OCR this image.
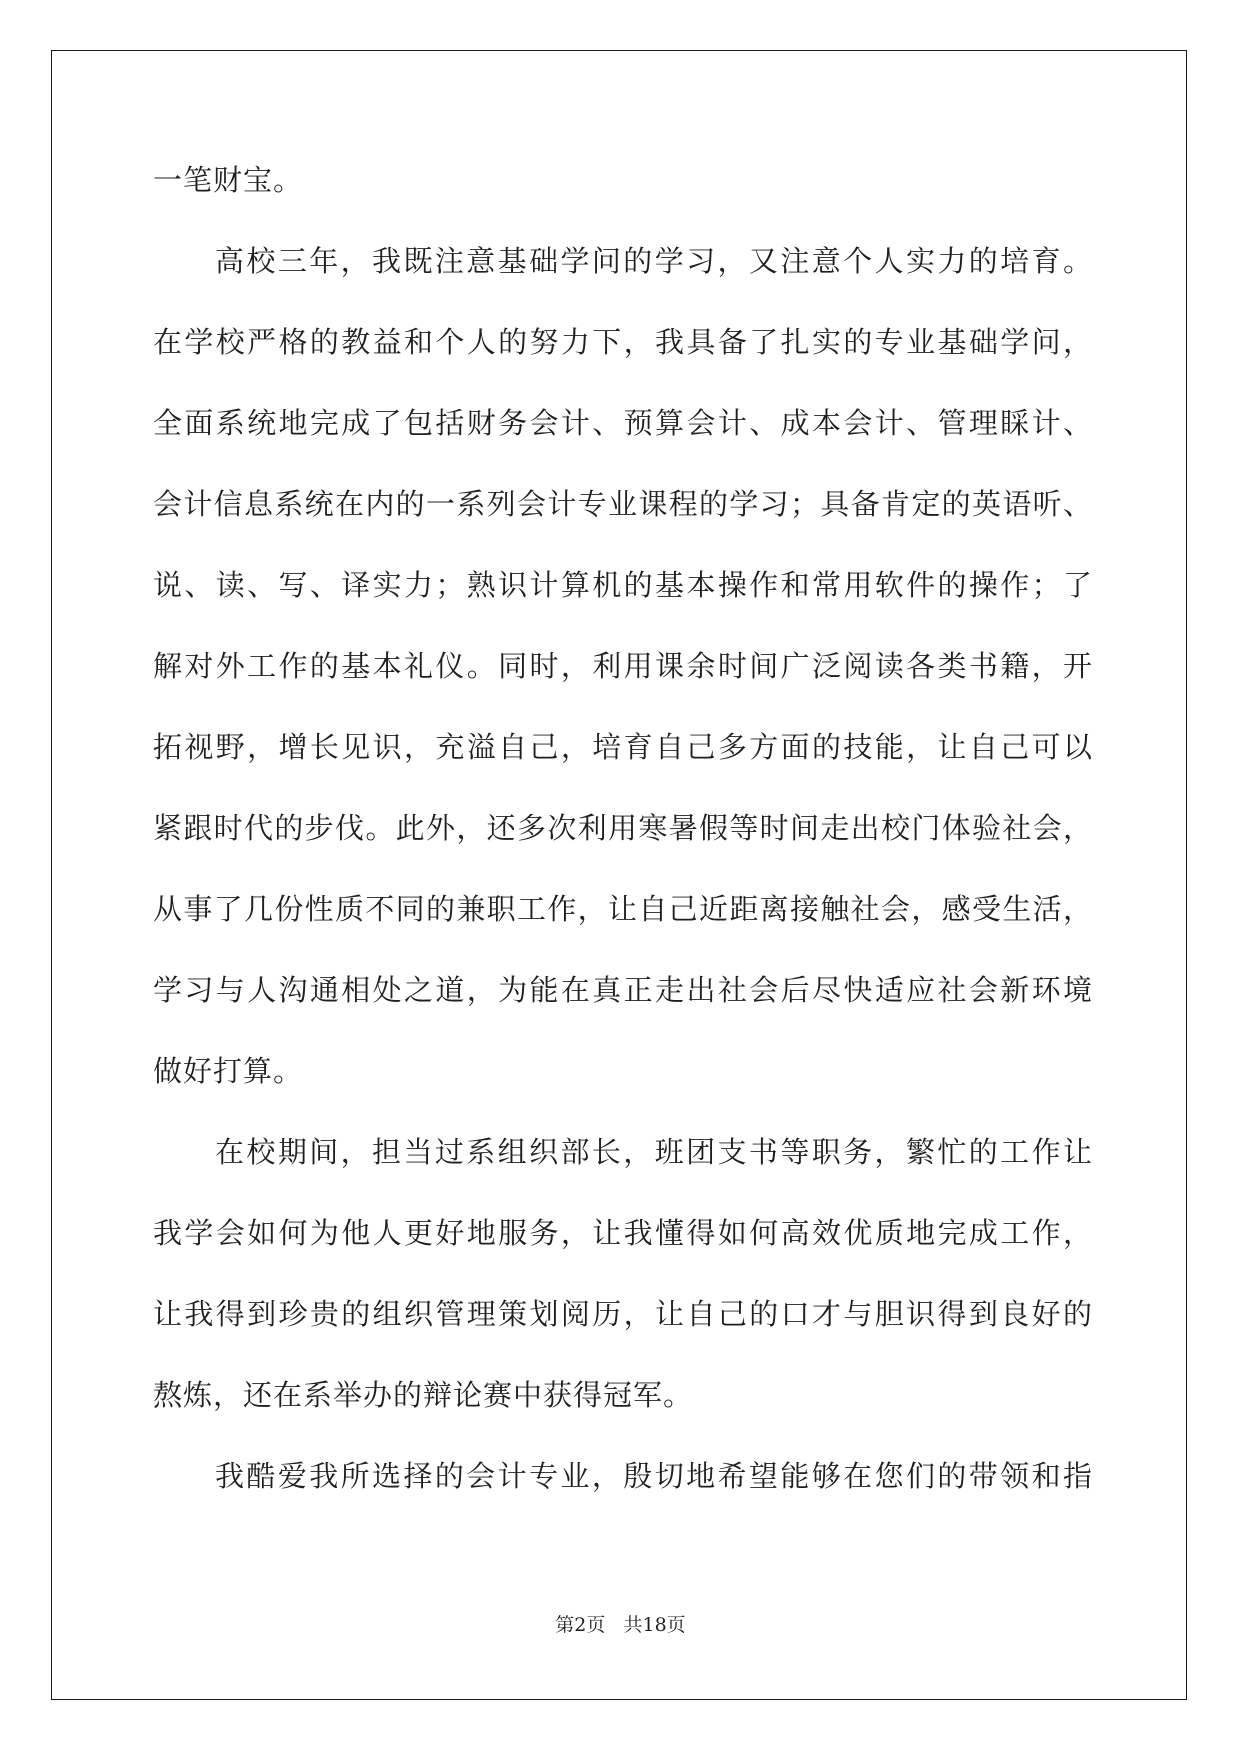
一笔财宝。
高校三年，我既注意基础学问的学习，又注意个人实力的培育。
在学校严格的教益和个人的努力下，我具备了扎实的专业基础学问，
全面系统地完成了包括财务会计、预算会计、成本会计、管理睬计、
会计信息系统在内的一系列会计专业课程的学习；具备肯定的英语听、
说、读、写、译实力；熟识计算机的基本操作和常用软件的操作；了
解对外工作的基本礼仪。同时，利用课余时间广泛阅读各类书籍，开
拓视野，增长见识，充溢自己，培育自己多方面的技能，让自己可以
紧跟时代的步伐。此外，还多次利用寒暑假等时间走出校门体验社会，
从事了几份性质不同的兼职工作，让自己近距离接触社会，感受生活，
学习与人沟通相处之道，为能在真正走出社会后尽快适应社会新环境
做好打算。
在校期间，担当过系组织部长，班团支书等职务，繁忙的工作让
我学会如何为他人更好地服务，让我懂得如何高效优质地完成工作，
让我得到珍贵的组织管理策划阅历，让自己的口才与胆识得到良好的
熬炼，还在系举办的辩论赛中获得冠军。
我酷爱我所选择的会计专业，殷切地希望能够在您们的带领和指
第2页   共18页
